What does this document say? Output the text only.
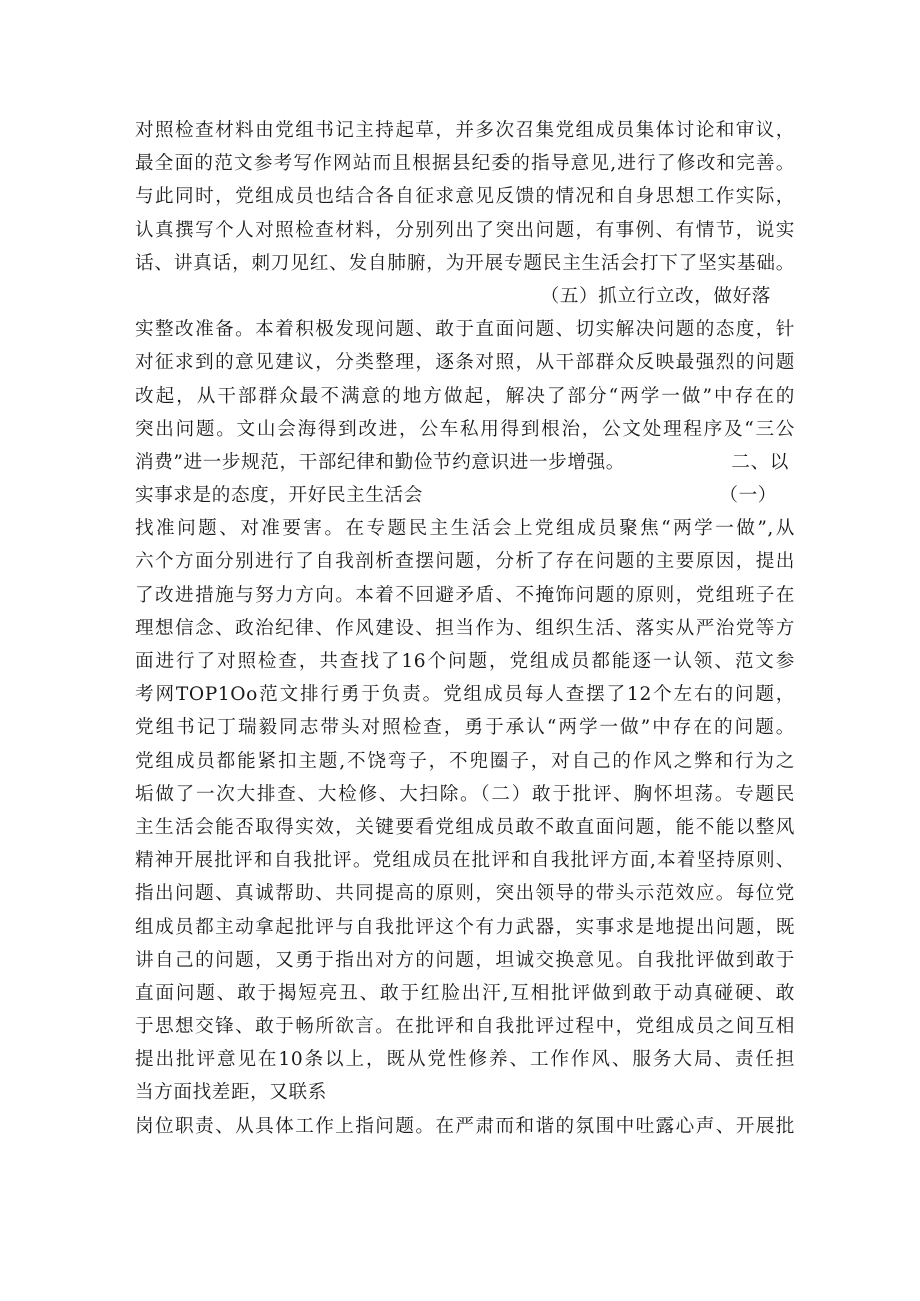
对照检查材料由党组书记主持起草，并多次召集党组成员集体讨论和审议，
最全面的范文参考写作网站而且根据县纪委的指导意见,进行了修改和完善。
与此同时，党组成员也结合各自征求意见反馈的情况和自身思想工作实际，
认真撰写个人对照检查材料，分别列出了突出问题，有事例、有情节，说实
话、讲真话，刺刀见红、发自肺腑，为开展专题民主生活会打下了坚实基础。
（五）抓立行立改，做好落
实整改准备。本着积极发现问题、敢于直面问题、切实解决问题的态度，针
对征求到的意见建议，分类整理，逐条对照，从干部群众反映最强烈的问题
改起，从干部群众最不满意的地方做起，解决了部分“两学一做”中存在的
突出问题。文山会海得到改进，公车私用得到根治，公文处理程序及“三公
消费”进一步规范，干部纪律和勤俭节约意识进一步增强。	二、以
实事求是的态度，开好民主生活会	（一）
找准问题、对准要害。在专题民主生活会上党组成员聚焦“两学一做”,从
六个方面分别进行了自我剖析查摆问题，分析了存在问题的主要原因，提出
了改进措施与努力方向。本着不回避矛盾、不掩饰问题的原则，党组班子在
理想信念、政治纪律、作风建设、担当作为、组织生活、落实从严治党等方
面进行了对照检查，共查找了16个问题，党组成员都能逐一认领、范文参
考网TOP1Oo范文排行勇于负责。党组成员每人查摆了12个左右的问题，
党组书记丁瑞毅同志带头对照检查，勇于承认“两学一做”中存在的问题。
党组成员都能紧扣主题,不饶弯子，不兜圈子，对自己的作风之弊和行为之
垢做了一次大排查、大检修、大扫除。（二）敢于批评、胸怀坦荡。专题民
主生活会能否取得实效，关键要看党组成员敢不敢直面问题，能不能以整风
精神开展批评和自我批评。党组成员在批评和自我批评方面,本着坚持原则、
指出问题、真诚帮助、共同提高的原则，突出领导的带头示范效应。每位党
组成员都主动拿起批评与自我批评这个有力武器，实事求是地提出问题，既
讲自己的问题，又勇于指出对方的问题，坦诚交换意见。自我批评做到敢于
直面问题、敢于揭短亮丑、敢于红脸出汗,互相批评做到敢于动真碰硬、敢
于思想交锋、敢于畅所欲言。在批评和自我批评过程中，党组成员之间互相
提出批评意见在10条以上，既从党性修养、工作作风、服务大局、责任担
当方面找差距，又联系
岗位职责、从具体工作上指问题。在严肃而和谐的氛围中吐露心声、开展批
